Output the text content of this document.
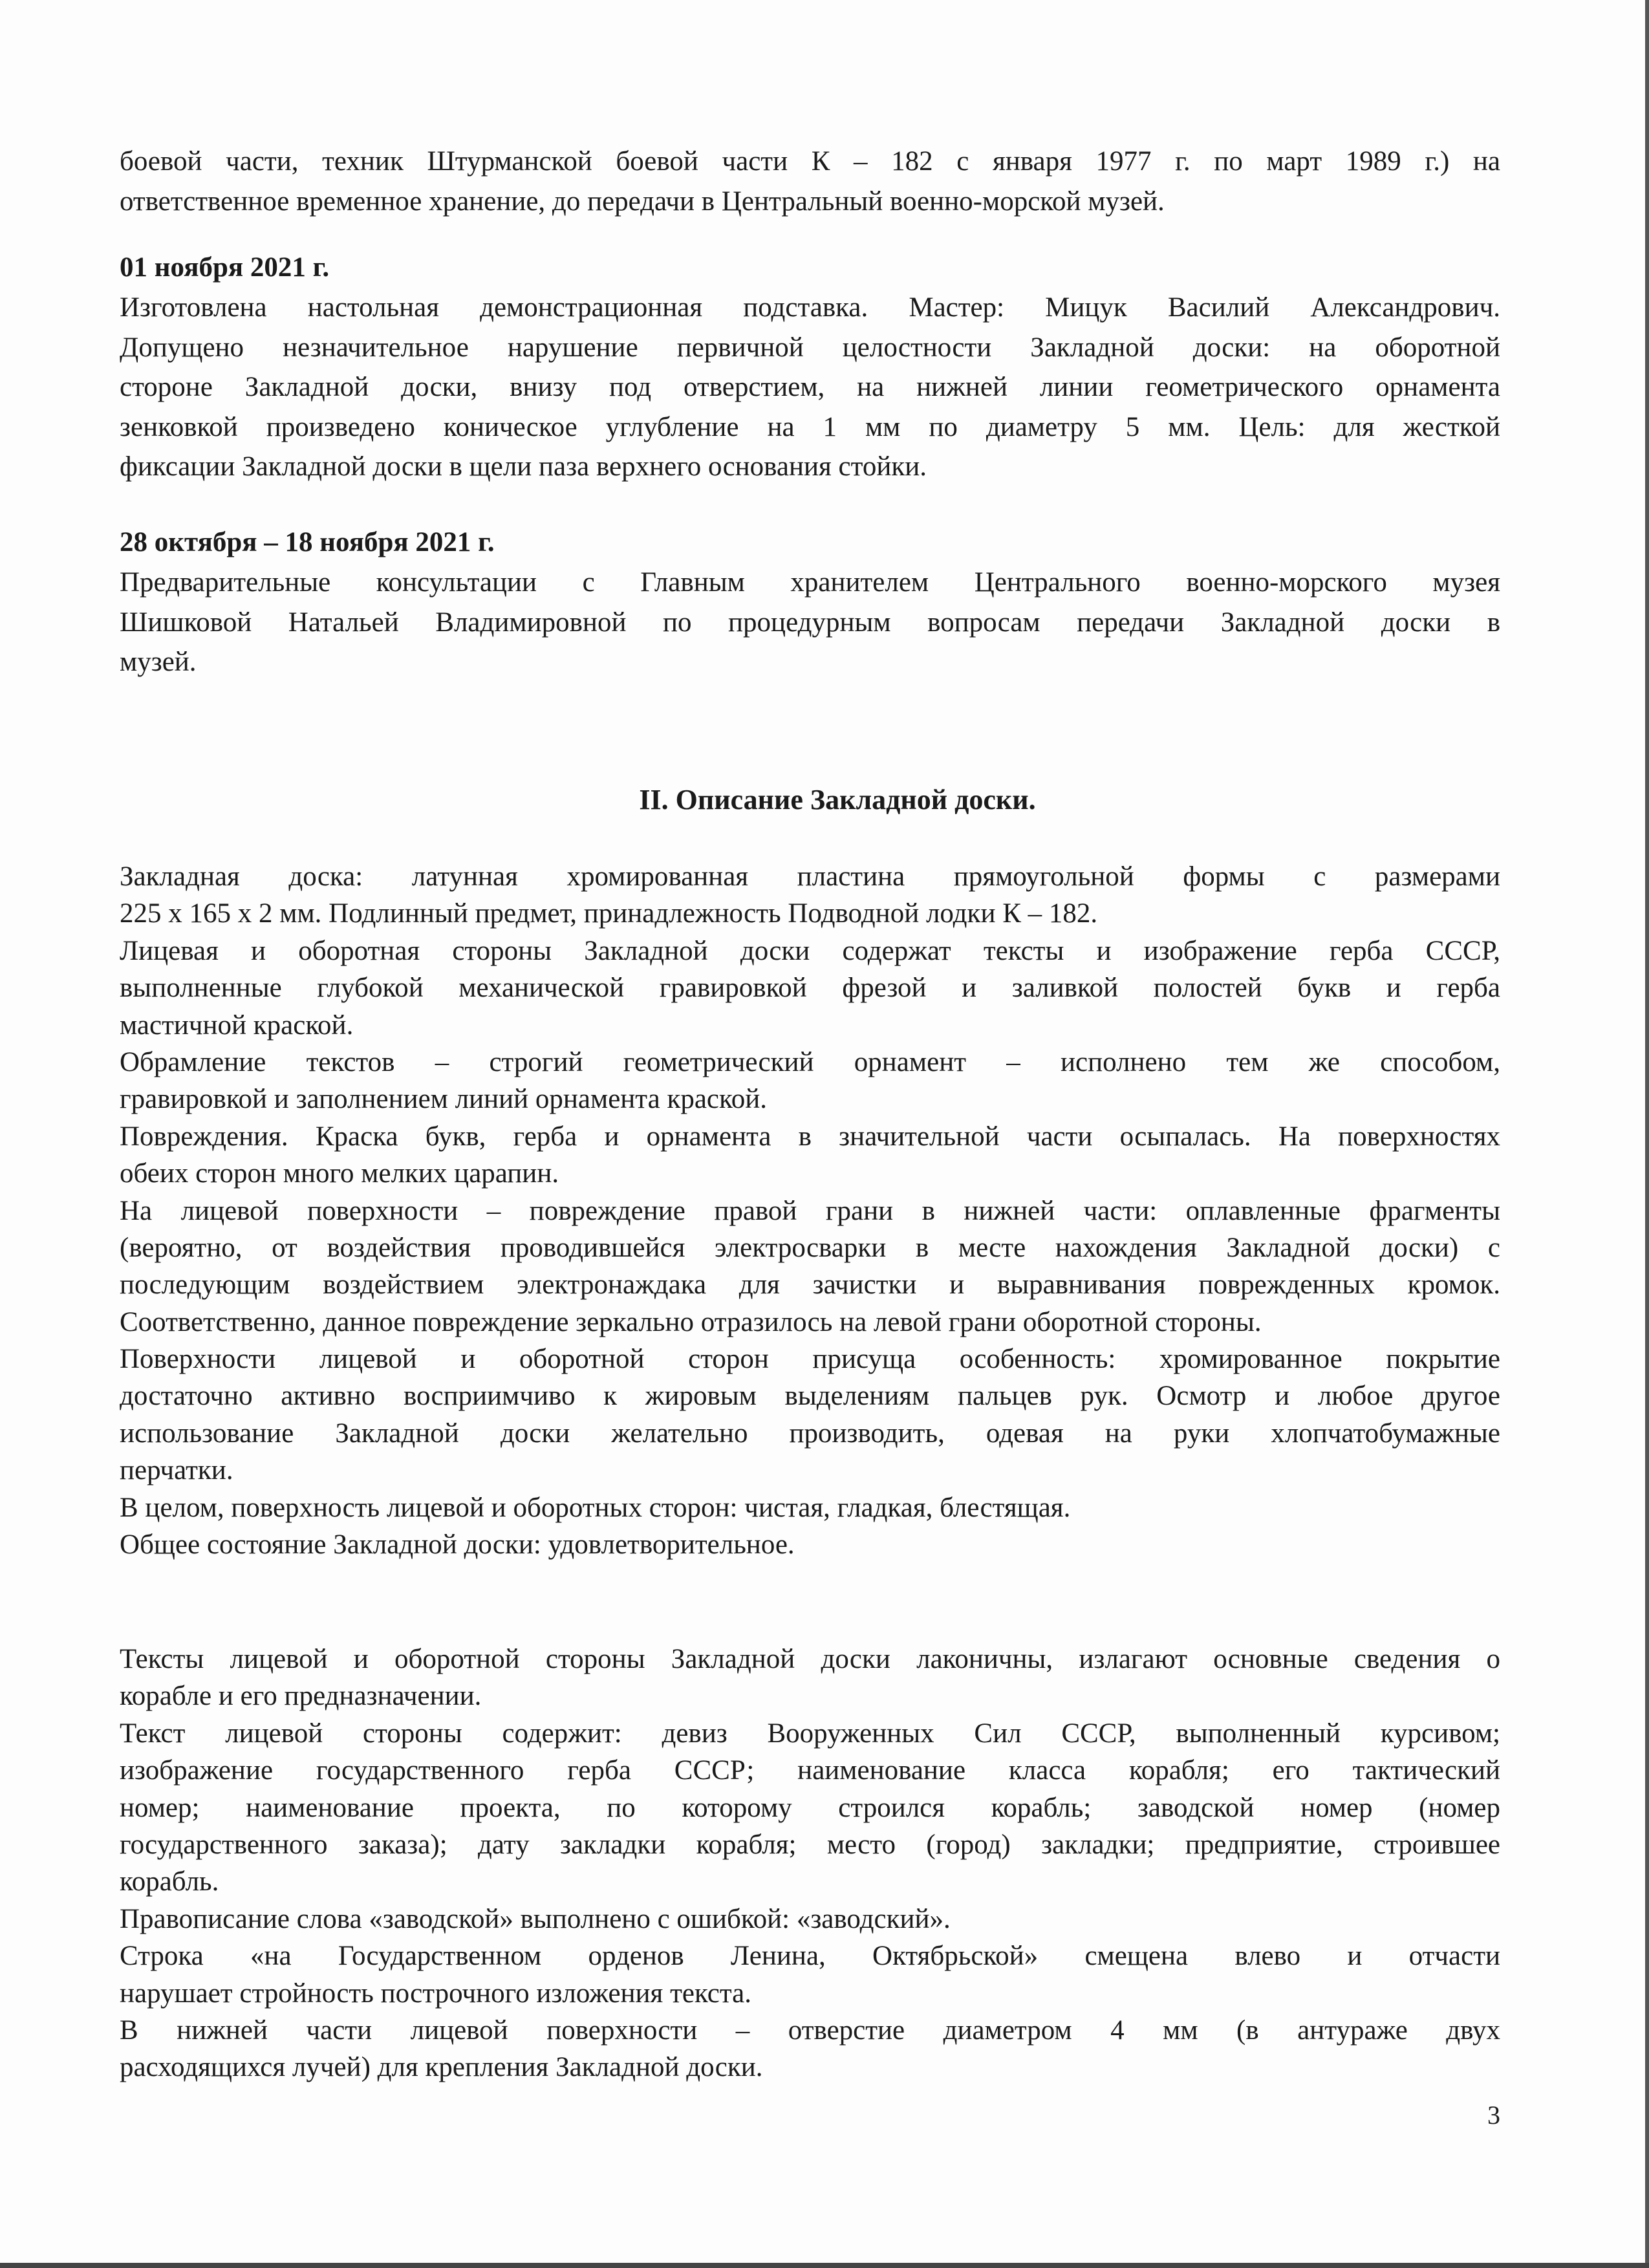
боевой части, техник Штурманской боевой части К – 182 с января 1977 г. по март 1989 г.) на
ответственное временное хранение, до передачи в Центральный военно-морской музей.
01 ноября 2021 г.
Изготовлена настольная демонстрационная подставка. Мастер: Мицук Василий Александрович.
Допущено незначительное нарушение первичной целостности Закладной доски: на оборотной
стороне Закладной доски, внизу под отверстием, на нижней линии геометрического орнамента
зенковкой произведено коническое углубление на 1 мм по диаметру 5 мм. Цель: для жесткой
фиксации Закладной доски в щели паза верхнего основания стойки.
28 октября – 18 ноября 2021 г.
Предварительные консультации с Главным хранителем Центрального военно-морского музея
Шишковой Натальей Владимировной по процедурным вопросам передачи Закладной доски в
музей.
II. Описание Закладной доски.
Закладная доска: латунная хромированная пластина прямоугольной формы с размерами
225 х 165 х 2 мм. Подлинный предмет, принадлежность Подводной лодки К – 182.
Лицевая и оборотная стороны Закладной доски содержат тексты и изображение герба СССР,
выполненные глубокой механической гравировкой фрезой и заливкой полостей букв и герба
мастичной краской.
Обрамление текстов – строгий геометрический орнамент – исполнено тем же способом,
гравировкой и заполнением линий орнамента краской.
Повреждения. Краска букв, герба и орнамента в значительной части осыпалась. На поверхностях
обеих сторон много мелких царапин.
На лицевой поверхности – повреждение правой грани в нижней части: оплавленные фрагменты
(вероятно, от воздействия проводившейся электросварки в месте нахождения Закладной доски) с
последующим воздействием электронаждака для зачистки и выравнивания поврежденных кромок.
Соответственно, данное повреждение зеркально отразилось на левой грани оборотной стороны.
Поверхности лицевой и оборотной сторон присуща особенность: хромированное покрытие
достаточно активно восприимчиво к жировым выделениям пальцев рук. Осмотр и любое другое
использование Закладной доски желательно производить, одевая на руки хлопчатобумажные
перчатки.
В целом, поверхность лицевой и оборотных сторон: чистая, гладкая, блестящая.
Общее состояние Закладной доски: удовлетворительное.
Тексты лицевой и оборотной стороны Закладной доски лаконичны, излагают основные сведения о
корабле и его предназначении.
Текст лицевой стороны содержит: девиз Вооруженных Сил СССР, выполненный курсивом;
изображение государственного герба СССР; наименование класса корабля; его тактический
номер; наименование проекта, по которому строился корабль; заводской номер (номер
государственного заказа); дату закладки корабля; место (город) закладки; предприятие, строившее
корабль.
Правописание слова «заводской» выполнено с ошибкой: «заводский».
Строка «на Государственном орденов Ленина, Октябрьской» смещена влево и отчасти
нарушает стройность построчного изложения текста.
В нижней части лицевой поверхности – отверстие диаметром 4 мм (в антураже двух
расходящихся лучей) для крепления Закладной доски.
3
